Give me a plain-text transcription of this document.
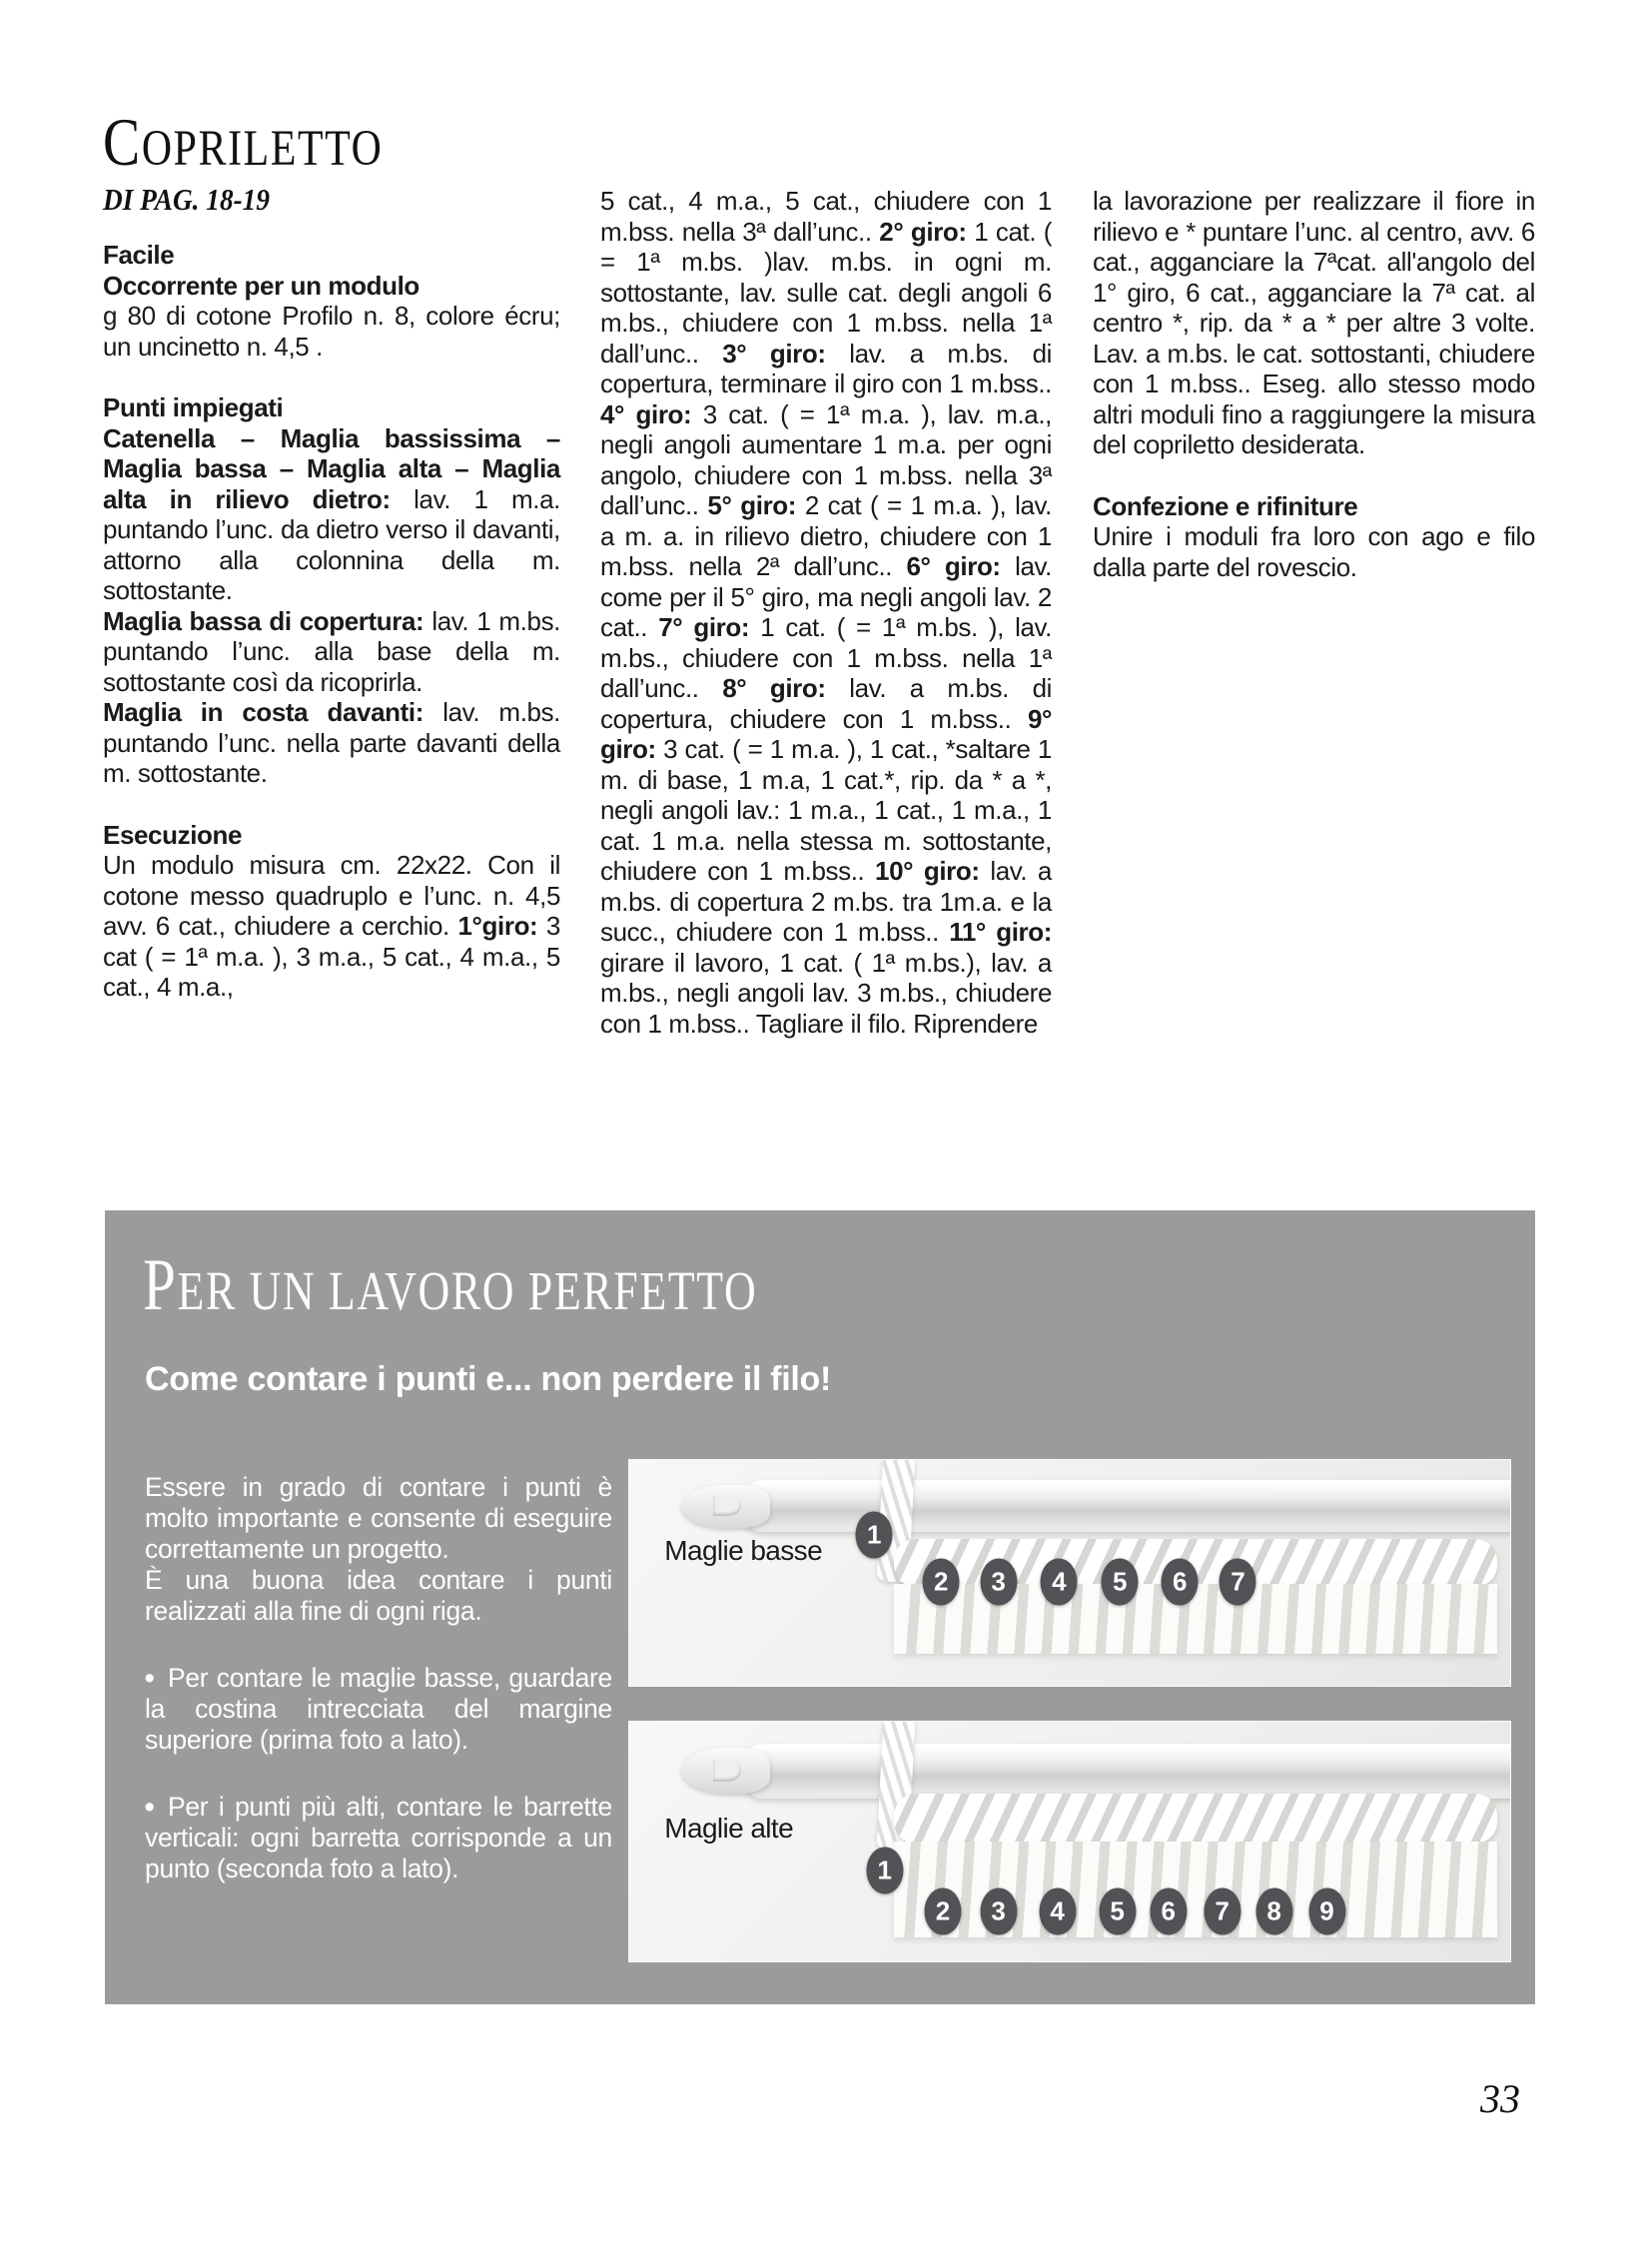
COPRILETTO
DI PAG. 18-19

Facile

Occorrente per un modulo

g 80 di cotone Profilo n. 8, colore écru; un uncinetto n. 4,5 .

Punti impiegati

Catenella – Maglia bassissima – Maglia bassa – Maglia alta – Maglia alta in rilievo dietro: lav. 1 m.a. puntando l’unc. da dietro verso il davanti, attorno alla colonnina della m. sottostante.

Maglia bassa di copertura: lav. 1 m.bs. puntando l’unc. alla base della m. sottostante così da ricoprirla.

Maglia in costa davanti: lav. m.bs. puntando l’unc. nella parte davanti della m. sottostante.

Esecuzione

Un modulo misura cm. 22x22. Con il cotone messo quadruplo e l’unc. n. 4,5 avv. 6 cat., chiudere a cerchio. 1°giro: 3 cat ( = 1ª m.a. ), 3 m.a., 5 cat., 4 m.a., 5 cat., 4 m.a.,

5 cat., 4 m.a., 5 cat., chiudere con 1 m.bss. nella 3ª dall’unc.. 2° giro: 1 cat. ( = 1ª m.bs. )lav. m.bs. in ogni m. sottostante, lav. sulle cat. degli angoli 6 m.bs., chiudere con 1 m.bss. nella 1ª dall’unc.. 3° giro: lav. a m.bs. di copertura, terminare il giro con 1 m.bss.. 4° giro: 3 cat. ( = 1ª m.a. ), lav. m.a., negli angoli aumentare 1 m.a. per ogni angolo, chiudere con 1 m.bss. nella 3ª dall’unc.. 5° giro: 2 cat ( = 1 m.a. ), lav. a m. a. in rilievo dietro, chiudere con 1 m.bss. nella 2ª dall’unc.. 6° giro: lav. come per il 5° giro, ma negli angoli lav. 2 cat.. 7° giro: 1 cat. ( = 1ª m.bs. ), lav. m.bs., chiudere con 1 m.bss. nella 1ª dall’unc.. 8° giro: lav. a m.bs. di copertura, chiudere con 1 m.bss.. 9° giro: 3 cat. ( = 1 m.a. ), 1 cat., *saltare 1 m. di base, 1 m.a, 1 cat.*, rip. da * a *, negli angoli lav.: 1 m.a., 1 cat., 1 m.a., 1 cat. 1 m.a. nella stessa m. sottostante, chiudere con 1 m.bss.. 10° giro: lav. a m.bs. di copertura 2 m.bs. tra 1m.a. e la succ., chiudere con 1 m.bss.. 11° giro: girare il lavoro, 1 cat. ( 1ª m.bs.), lav. a m.bs., negli angoli lav. 3 m.bs., chiudere con 1 m.bss.. Tagliare il filo. Riprendere

la lavorazione per realizzare il fiore in rilievo e * puntare l’unc. al centro, avv. 6 cat., agganciare la 7ªcat. all'angolo del 1° giro, 6 cat., agganciare la 7ª cat. al centro *, rip. da * a * per altre 3 volte. Lav. a m.bs. le cat. sottostanti, chiudere con 1 m.bss.. Eseg. allo stesso modo altri moduli fino a raggiungere la misura del copriletto desiderata.

Confezione e rifiniture

Unire i moduli fra loro con ago e filo dalla parte del rovescio.

PER UN LAVORO PERFETTO
Come contare i punti e... non perdere il filo!

Essere in grado di contare i punti è molto importante e consente di eseguire correttamente un progetto.

È una buona idea contare i punti realizzati alla fine di ogni riga.

• Per contare le maglie basse, guardare la costina intrecciata del margine superiore (prima foto a lato).

• Per i punti più alti, contare le barrette verticali: ogni barretta corrisponde a un punto (seconda foto a lato).

Maglie basse
1
2	3	4	5	6	7
Maglie alte
1
2	3	4	5	6	7	8	9
33
